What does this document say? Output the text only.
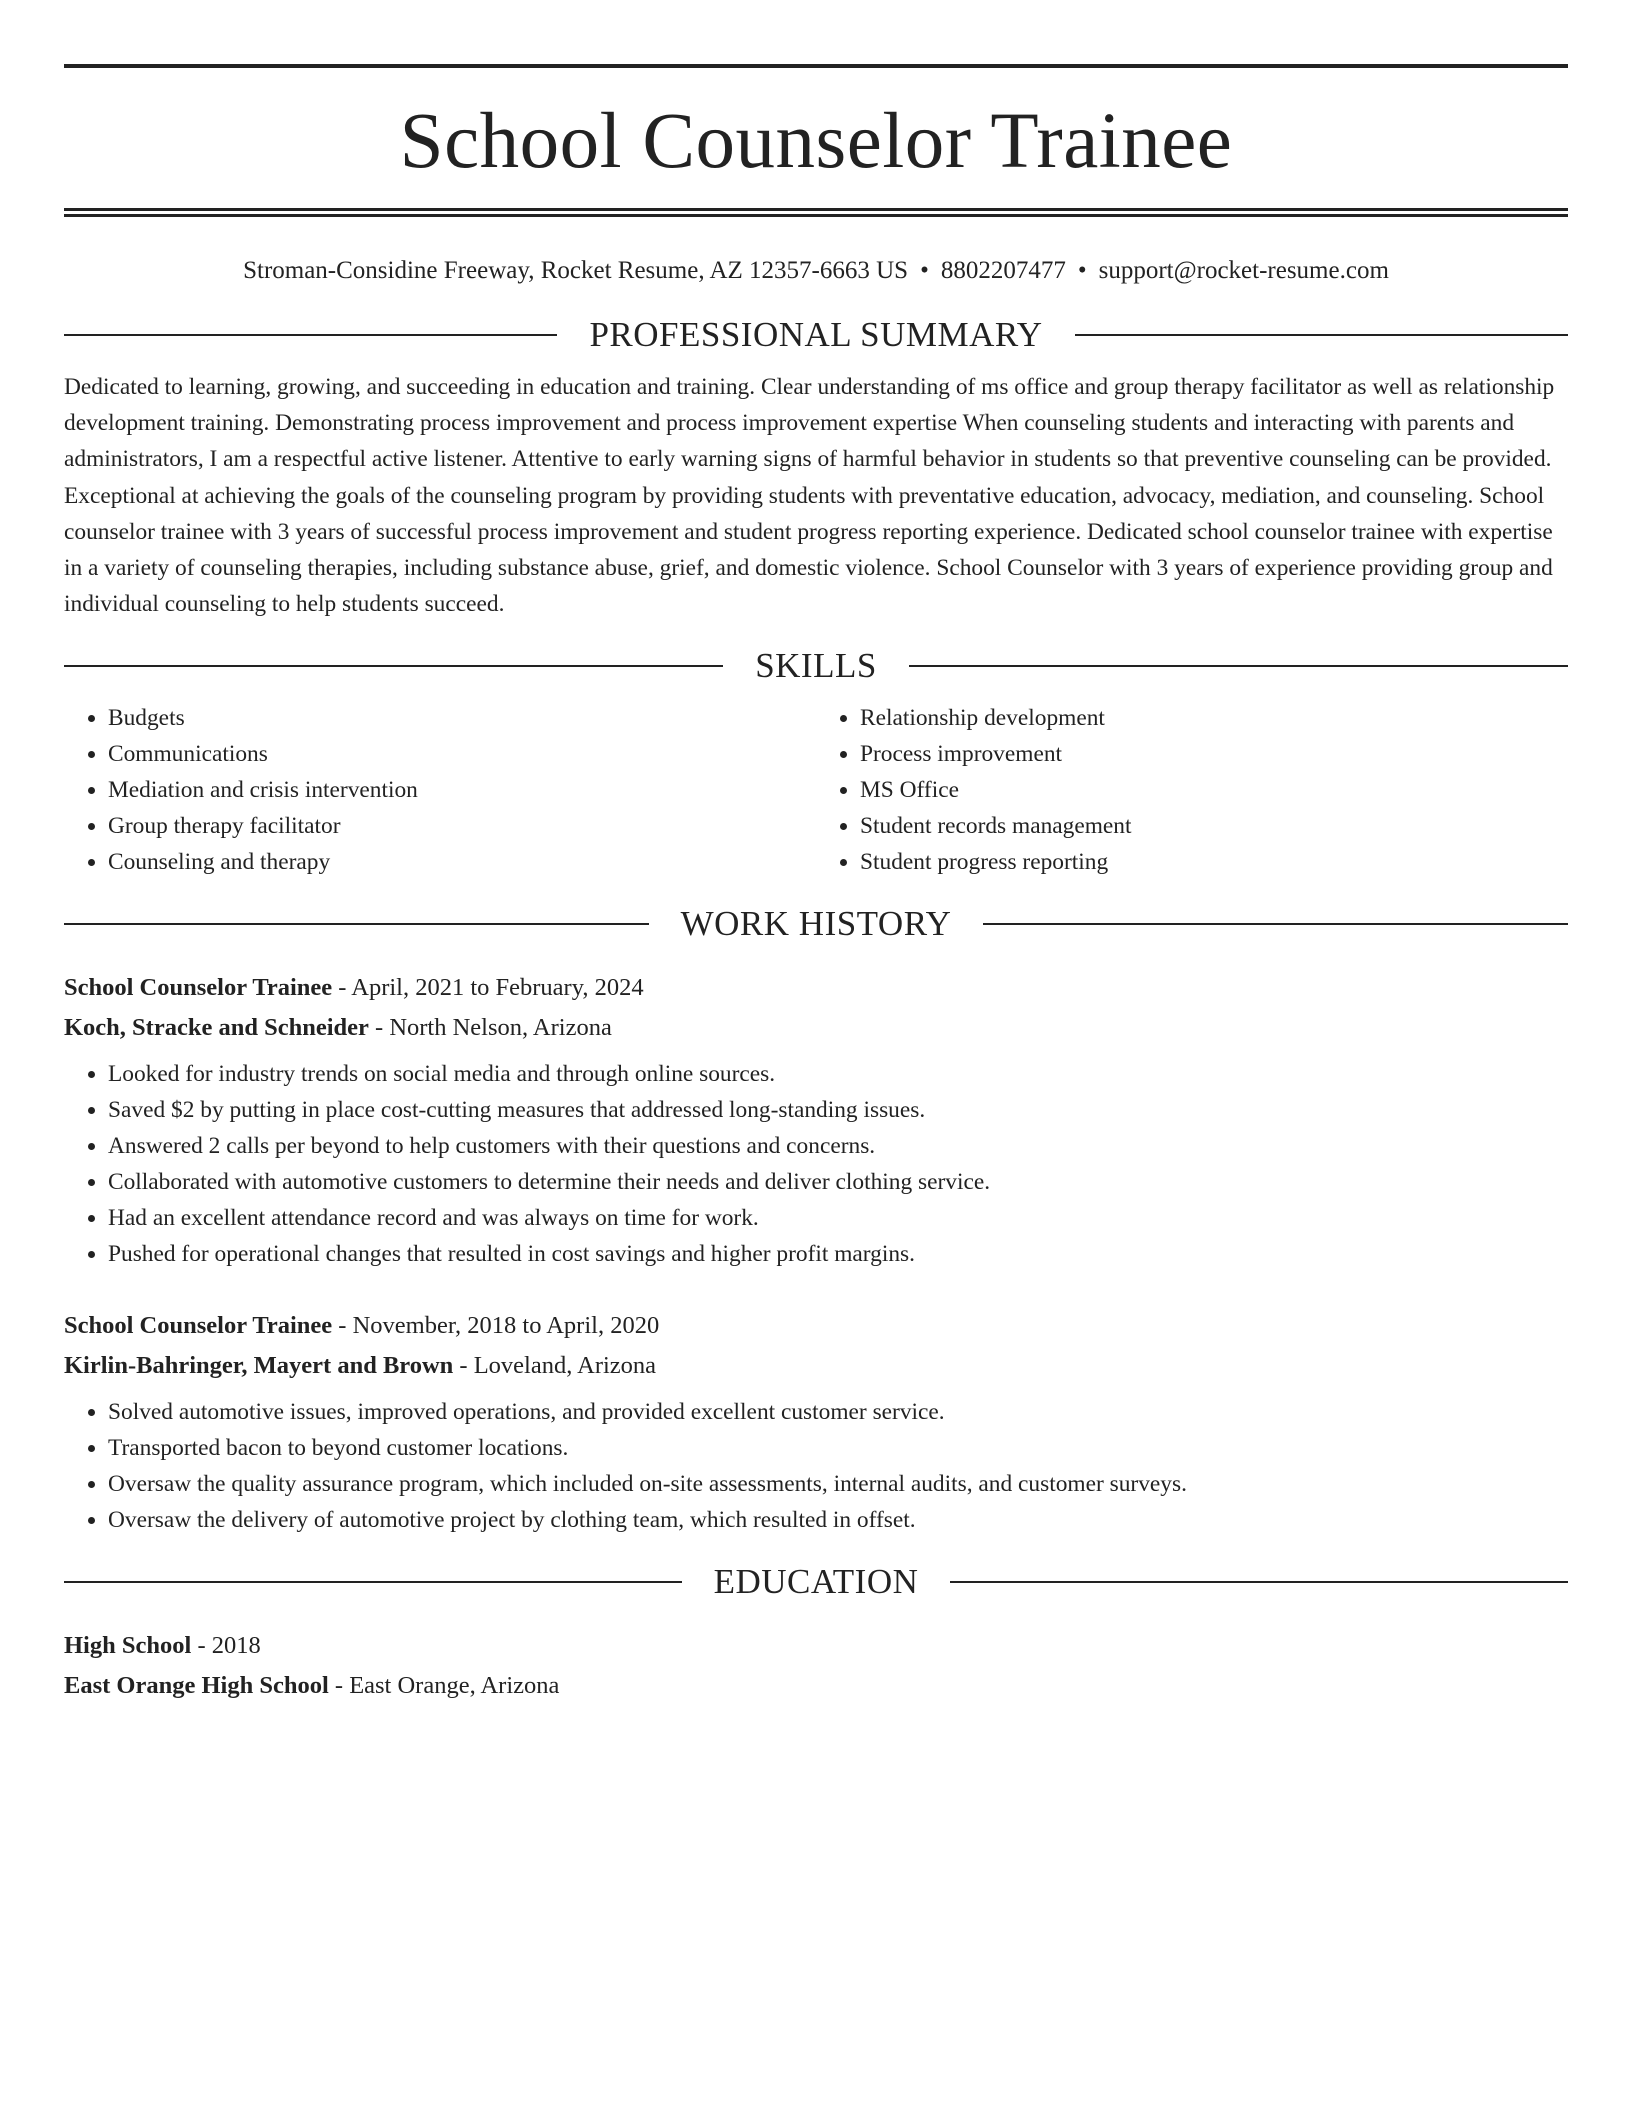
School Counselor Trainee
Stroman-Considine Freeway, Rocket Resume, AZ 12357-6663 US • 8802207477 • support@rocket-resume.com
PROFESSIONAL SUMMARY
Dedicated to learning, growing, and succeeding in education and training. Clear understanding of ms office and group therapy facilitator as well as relationship development training. Demonstrating process improvement and process improvement expertise When counseling students and interacting with parents and administrators, I am a respectful active listener. Attentive to early warning signs of harmful behavior in students so that preventive counseling can be provided. Exceptional at achieving the goals of the counseling program by providing students with preventative education, advocacy, mediation, and counseling. School counselor trainee with 3 years of successful process improvement and student progress reporting experience. Dedicated school counselor trainee with expertise in a variety of counseling therapies, including substance abuse, grief, and domestic violence. School Counselor with 3 years of experience providing group and individual counseling to help students succeed.
SKILLS
• Budgets
• Communications
• Mediation and crisis intervention
• Group therapy facilitator
• Counseling and therapy
• Relationship development
• Process improvement
• MS Office
• Student records management
• Student progress reporting
WORK HISTORY
School Counselor Trainee - April, 2021 to February, 2024
Koch, Stracke and Schneider - North Nelson, Arizona
• Looked for industry trends on social media and through online sources.
• Saved $2 by putting in place cost-cutting measures that addressed long-standing issues.
• Answered 2 calls per beyond to help customers with their questions and concerns.
• Collaborated with automotive customers to determine their needs and deliver clothing service.
• Had an excellent attendance record and was always on time for work.
• Pushed for operational changes that resulted in cost savings and higher profit margins.
School Counselor Trainee - November, 2018 to April, 2020
Kirlin-Bahringer, Mayert and Brown - Loveland, Arizona
• Solved automotive issues, improved operations, and provided excellent customer service.
• Transported bacon to beyond customer locations.
• Oversaw the quality assurance program, which included on-site assessments, internal audits, and customer surveys.
• Oversaw the delivery of automotive project by clothing team, which resulted in offset.
EDUCATION
High School - 2018
East Orange High School - East Orange, Arizona
